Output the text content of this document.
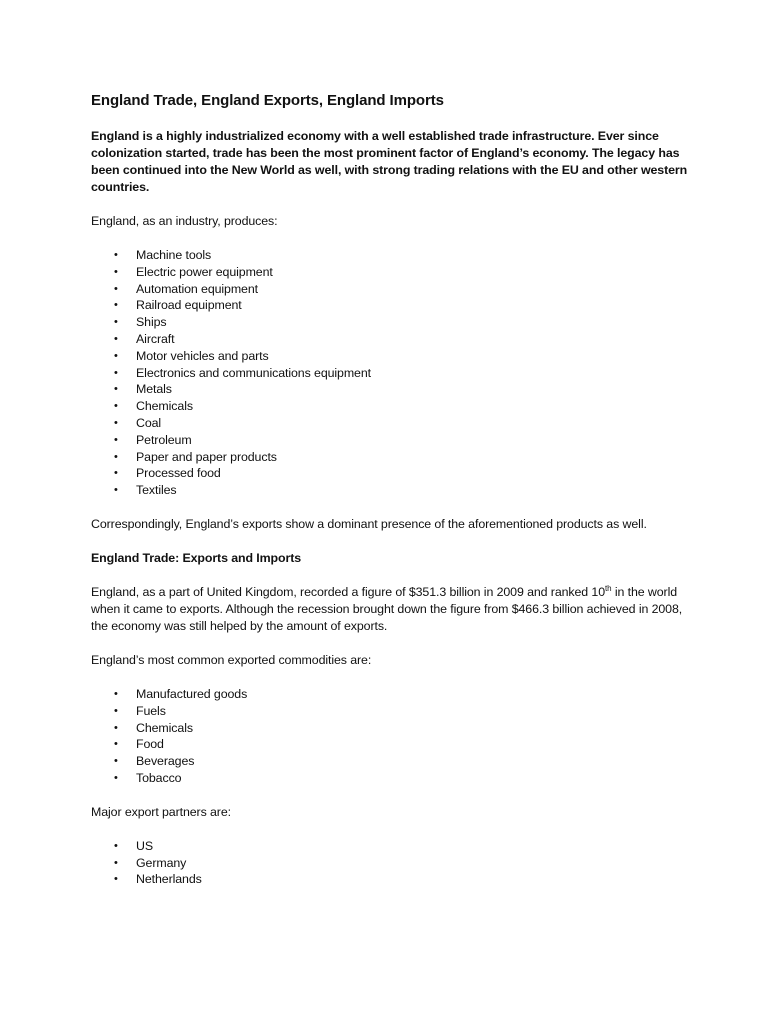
England Trade, England Exports, England Imports

England is a highly industrialized economy with a well established trade infrastructure. Ever since colonization started, trade has been the most prominent factor of England’s economy. The legacy has been continued into the New World as well, with strong trading relations with the EU and other western countries.

England, as an industry, produces:

• Machine tools
• Electric power equipment
• Automation equipment
• Railroad equipment
• Ships
• Aircraft
• Motor vehicles and parts
• Electronics and communications equipment
• Metals
• Chemicals
• Coal
• Petroleum
• Paper and paper products
• Processed food
• Textiles

Correspondingly, England’s exports show a dominant presence of the aforementioned products as well.

England Trade: Exports and Imports

England, as a part of United Kingdom, recorded a figure of $351.3 billion in 2009 and ranked 10th in the world when it came to exports. Although the recession brought down the figure from $466.3 billion achieved in 2008, the economy was still helped by the amount of exports.

England’s most common exported commodities are:

• Manufactured goods
• Fuels
• Chemicals
• Food
• Beverages
• Tobacco

Major export partners are:

• US
• Germany
• Netherlands
